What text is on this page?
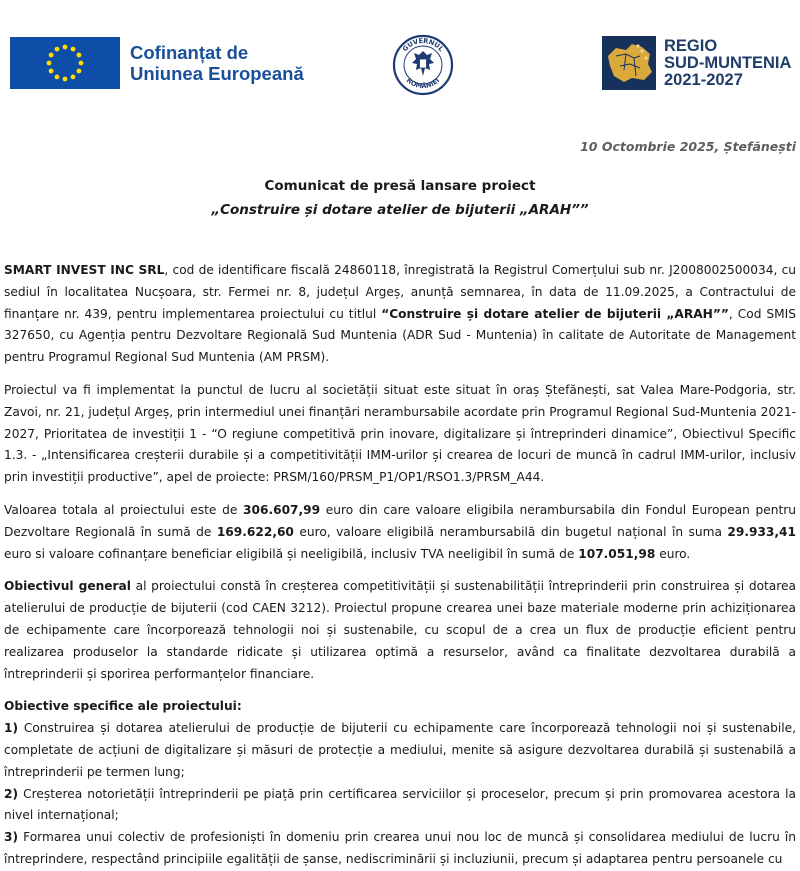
Cofinanțat de
Uniunea Europeană
GUVERNUL
ROMÂNIEI
REGIO
SUD-MUNTENIA
2021-2027
10 Octombrie 2025, Ștefănești
Comunicat de presă lansare proiect
„Construire și dotare atelier de bijuterii „ARAH””

SMART INVEST INC SRL, cod de identificare fiscală 24860118, înregistrată la Registrul Comerțului sub nr. J2008002500034, cu sediul în localitatea Nucșoara, str. Fermei nr. 8, județul Argeș, anunță semnarea, în data de 11.09.2025, a Contractului de finanțare nr. 439, pentru implementarea proiectului cu titlul “Construire și dotare atelier de bijuterii „ARAH””, Cod SMIS 327650, cu Agenția pentru Dezvoltare Regională Sud Muntenia (ADR Sud - Muntenia) în calitate de Autoritate de Management pentru Programul Regional Sud Muntenia (AM PRSM).

Proiectul va fi implementat la punctul de lucru al societății situat este situat în oraș Ștefănești, sat Valea Mare-Podgoria, str. Zavoi, nr. 21, județul Argeș, prin intermediul unei finanțări nerambursabile acordate prin Programul Regional Sud-Muntenia 2021-2027, Prioritatea de investiții 1 - “O regiune competitivă prin inovare, digitalizare și întreprinderi dinamice”, Obiectivul Specific 1.3. - „Intensificarea creșterii durabile și a competitivității IMM-urilor și crearea de locuri de muncă în cadrul IMM-urilor, inclusiv prin investiții productive”, apel de proiecte: PRSM/160/PRSM_P1/OP1/RSO1.3/PRSM_A44.

Valoarea totala al proiectului este de 306.607,99 euro din care valoare eligibila nerambursabila din Fondul European pentru Dezvoltare Regională în sumă de 169.622,60 euro, valoare eligibilă nerambursabilă din bugetul național în suma 29.933,41 euro si valoare cofinanțare beneficiar eligibilă și neeligibilă, inclusiv TVA neeligibil în sumă de 107.051,98 euro.

Obiectivul general al proiectului constă în creșterea competitivității și sustenabilității întreprinderii prin construirea și dotarea atelierului de producție de bijuterii (cod CAEN 3212). Proiectul propune crearea unei baze materiale moderne prin achiziționarea de echipamente care încorporează tehnologii noi și sustenabile, cu scopul de a crea un flux de producție eficient pentru realizarea produselor la standarde ridicate și utilizarea optimă a resurselor, având ca finalitate dezvoltarea durabilă a întreprinderii și sporirea performanțelor financiare.

Obiective specifice ale proiectului:

1) Construirea și dotarea atelierului de producție de bijuterii cu echipamente care încorporează tehnologii noi și sustenabile, completate de acțiuni de digitalizare și măsuri de protecție a mediului, menite să asigure dezvoltarea durabilă și sustenabilă a întreprinderii pe termen lung;

2) Creșterea notorietății întreprinderii pe piață prin certificarea serviciilor și proceselor, precum și prin promovarea acestora la nivel internațional;

3) Formarea unui colectiv de profesioniști în domeniu prin crearea unui nou loc de muncă și consolidarea mediului de lucru în întreprindere, respectând principiile egalității de șanse, nediscriminării și incluziunii, precum și adaptarea pentru persoanele cu
